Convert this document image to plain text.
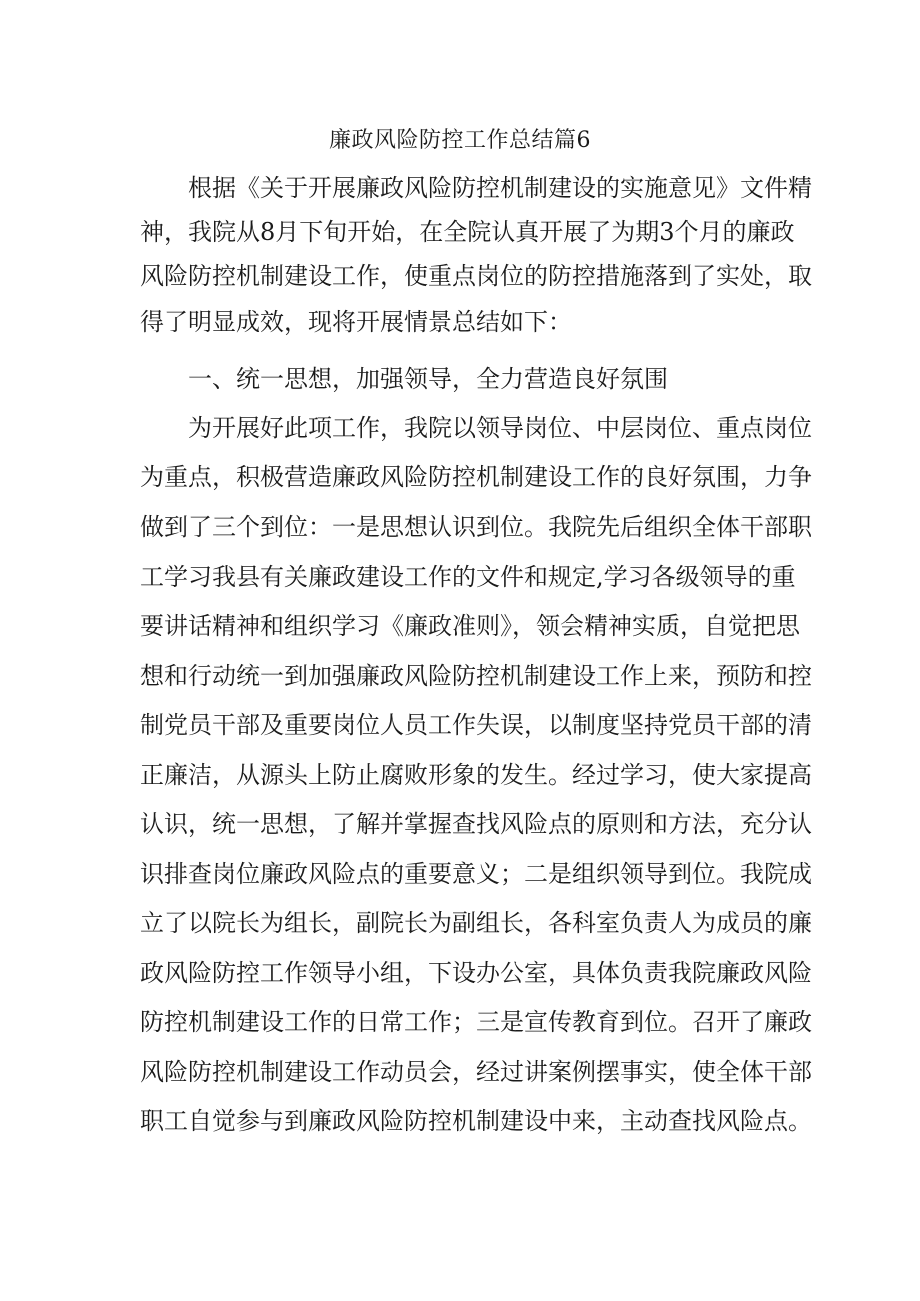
廉政风险防控工作总结篇6
根据《关于开展廉政风险防控机制建设的实施意见》文件精
神，我院从8月下旬开始，在全院认真开展了为期3个月的廉政
风险防控机制建设工作，使重点岗位的防控措施落到了实处，取
得了明显成效，现将开展情景总结如下：
一、统一思想，加强领导，全力营造良好氛围
为开展好此项工作，我院以领导岗位、中层岗位、重点岗位
为重点，积极营造廉政风险防控机制建设工作的良好氛围，力争
做到了三个到位：一是思想认识到位。我院先后组织全体干部职
工学习我县有关廉政建设工作的文件和规定,学习各级领导的重
要讲话精神和组织学习《廉政准则》，领会精神实质，自觉把思
想和行动统一到加强廉政风险防控机制建设工作上来，预防和控
制党员干部及重要岗位人员工作失误，以制度坚持党员干部的清
正廉洁，从源头上防止腐败形象的发生。经过学习，使大家提高
认识，统一思想，了解并掌握查找风险点的原则和方法，充分认
识排查岗位廉政风险点的重要意义；二是组织领导到位。我院成
立了以院长为组长，副院长为副组长，各科室负责人为成员的廉
政风险防控工作领导小组，下设办公室，具体负责我院廉政风险
防控机制建设工作的日常工作；三是宣传教育到位。召开了廉政
风险防控机制建设工作动员会，经过讲案例摆事实，使全体干部
职工自觉参与到廉政风险防控机制建设中来，主动查找风险点。
